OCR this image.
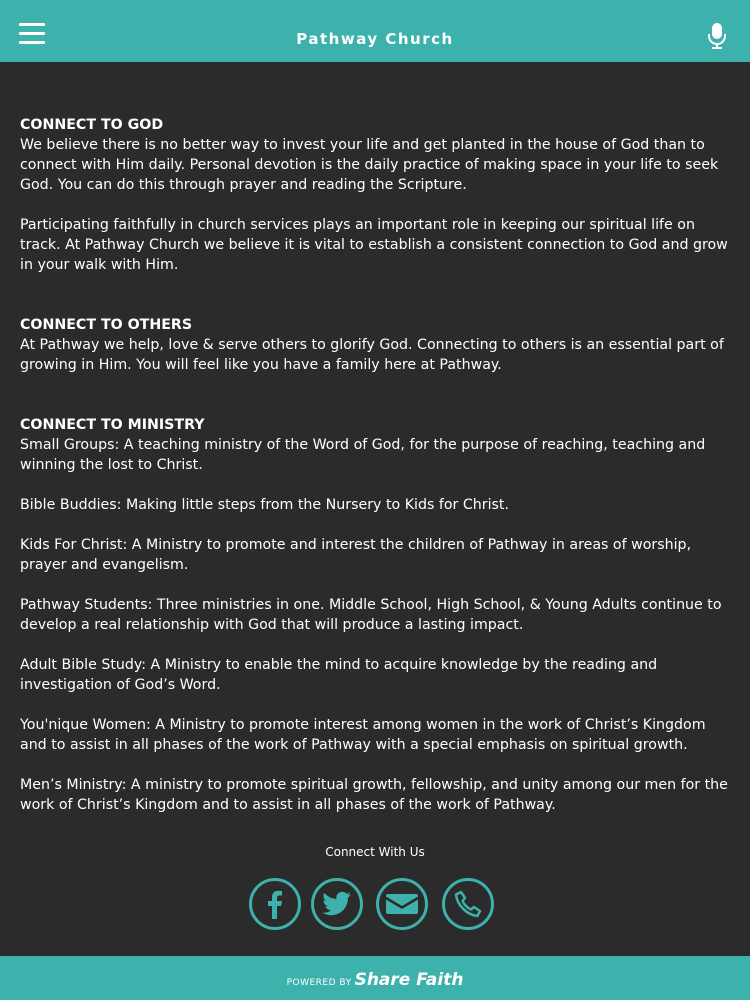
Pathway Church

CONNECT TO GOD

We believe there is no better way to invest your life and get planted in the house of God than to connect with Him daily. Personal devotion is the daily practice of making space in your life to seek God. You can do this through prayer and reading the Scripture.

Participating faithfully in church services plays an important role in keeping our spiritual life on track. At Pathway Church we believe it is vital to establish a consistent connection to God and grow in your walk with Him.

CONNECT TO OTHERS

At Pathway we help, love & serve others to glorify God. Connecting to others is an essential part of growing in Him. You will feel like you have a family here at Pathway.

CONNECT TO MINISTRY

Small Groups: A teaching ministry of the Word of God, for the purpose of reaching, teaching and winning the lost to Christ.

Bible Buddies: Making little steps from the Nursery to Kids for Christ.

Kids For Christ: A Ministry to promote and interest the children of Pathway in areas of worship, prayer and evangelism.

Pathway Students: Three ministries in one. Middle School, High School, & Young Adults continue to develop a real relationship with God that will produce a lasting impact.

Adult Bible Study: A Ministry to enable the mind to acquire knowledge by the reading and investigation of God’s Word.

You'nique Women: A Ministry to promote interest among women in the work of Christ’s Kingdom and to assist in all phases of the work of Pathway with a special emphasis on spiritual growth.

Men’s Ministry: A ministry to promote spiritual growth, fellowship, and unity among our men for the work of Christ’s Kingdom and to assist in all phases of the work of Pathway.

Connect With Us
POWERED BY Share Faith
